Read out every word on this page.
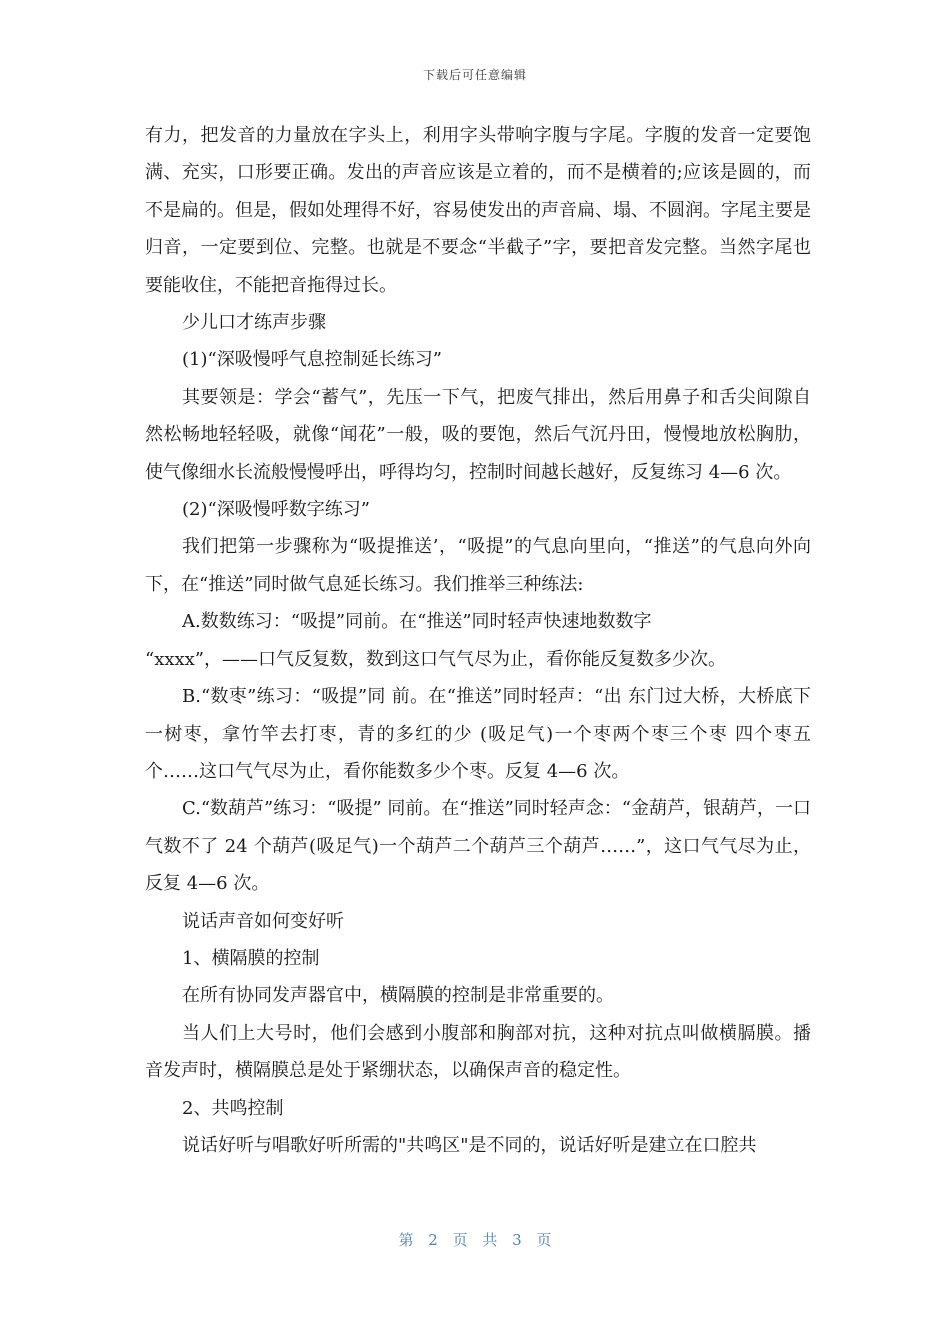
下载后可任意编辑

有力，把发音的力量放在字头上，利用字头带响字腹与字尾。字腹的发音一定要饱满、充实，口形要正确。发出的声音应该是立着的，而不是横着的;应该是圆的，而不是扁的。但是，假如处理得不好，容易使发出的声音扁、塌、不圆润。字尾主要是归音，一定要到位、完整。也就是不要念“半截子”字，要把音发完整。当然字尾也要能收住，不能把音拖得过长。

少儿口才练声步骤

(1)“深吸慢呼气息控制延长练习”

其要领是：学会“蓄气”，先压一下气，把废气排出，然后用鼻子和舌尖间隙自然松畅地轻轻吸，就像“闻花”一般，吸的要饱，然后气沉丹田，慢慢地放松胸肋，使气像细水长流般慢慢呼出，呼得均匀，控制时间越长越好，反复练习 4—6 次。

(2)“深吸慢呼数字练习”

我们把第一步骤称为“吸提推送’，“吸提”的气息向里向，“推送”的气息向外向下，在“推送”同时做气息延长练习。我们推举三种练法:

A.数数练习：“吸提”同前。在“推送”同时轻声快速地数数字

“xxxx”，——口气反复数，数到这口气气尽为止，看你能反复数多少次。

B.“数枣”练习：“吸提”同 前。在“推送”同时轻声：“出 东门过大桥，大桥底下一树枣，拿竹竿去打枣，青的多红的少 (吸足气)一个枣两个枣三个枣 四个枣五个……这口气气尽为止，看你能数多少个枣。反复 4—6 次。

C.“数葫芦”练习：“吸提” 同前。在“推送”同时轻声念：“金葫芦，银葫芦，一口气数不了 24 个葫芦(吸足气)一个葫芦二个葫芦三个葫芦……”，这口气气尽为止，反复 4—6 次。

说话声音如何变好听

1、横隔膜的控制

在所有协同发声器官中，横隔膜的控制是非常重要的。

当人们上大号时，他们会感到小腹部和胸部对抗，这种对抗点叫做横膈膜。播音发声时，横隔膜总是处于紧绷状态，以确保声音的稳定性。

2、共鸣控制

说话好听与唱歌好听所需的"共鸣区"是不同的，说话好听是建立在口腔共

第 2 页 共 3 页
